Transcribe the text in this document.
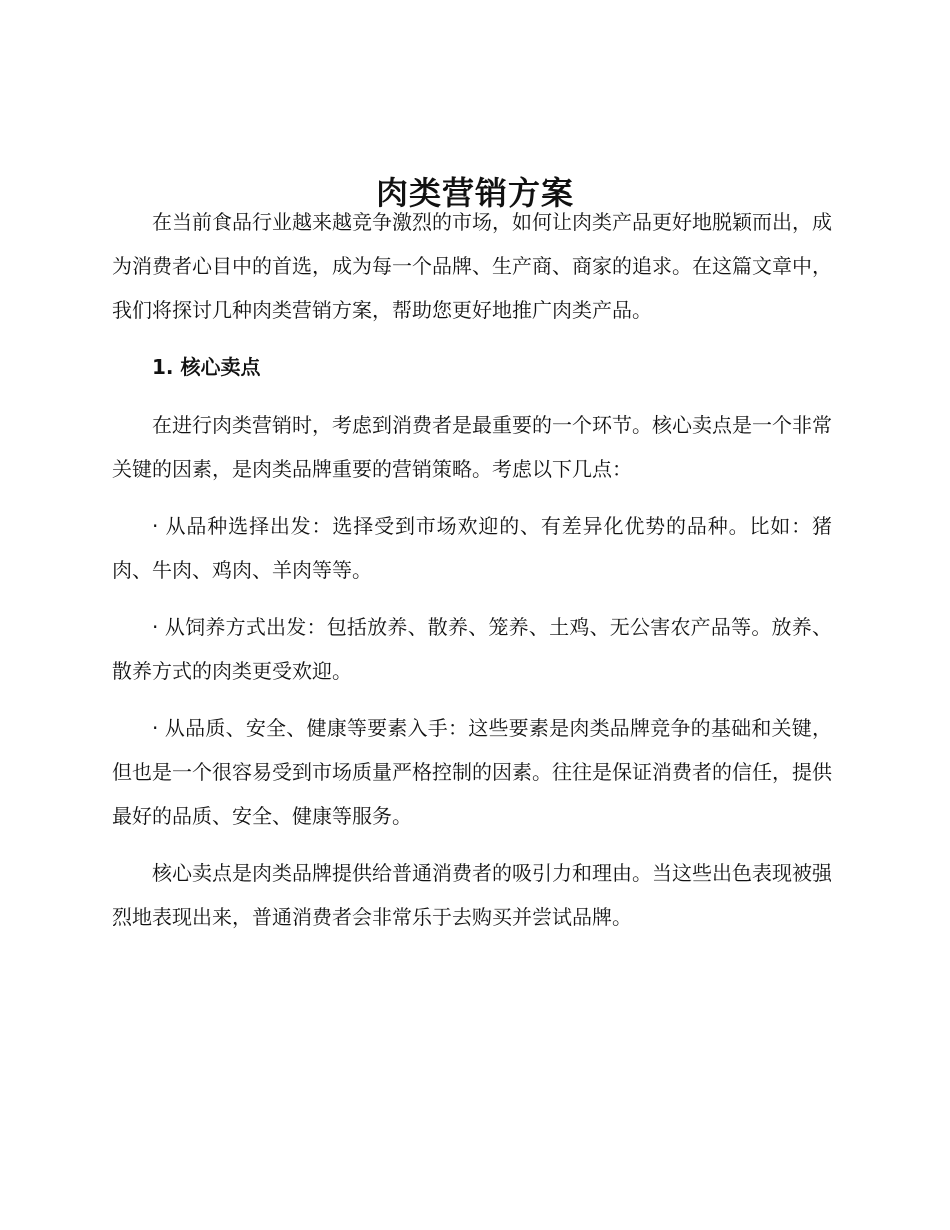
肉类营销方案

在当前食品行业越来越竞争激烈的市场，如何让肉类产品更好地脱颖而出，成为消费者心目中的首选，成为每一个品牌、生产商、商家的追求。在这篇文章中，我们将探讨几种肉类营销方案，帮助您更好地推广肉类产品。

1. 核心卖点

在进行肉类营销时，考虑到消费者是最重要的一个环节。核心卖点是一个非常关键的因素，是肉类品牌重要的营销策略。考虑以下几点：

· 从品种选择出发：选择受到市场欢迎的、有差异化优势的品种。比如：猪肉、牛肉、鸡肉、羊肉等等。

· 从饲养方式出发：包括放养、散养、笼养、土鸡、无公害农产品等。放养、散养方式的肉类更受欢迎。

· 从品质、安全、健康等要素入手：这些要素是肉类品牌竞争的基础和关键，但也是一个很容易受到市场质量严格控制的因素。往往是保证消费者的信任，提供最好的品质、安全、健康等服务。

核心卖点是肉类品牌提供给普通消费者的吸引力和理由。当这些出色表现被强烈地表现出来，普通消费者会非常乐于去购买并尝试品牌。
